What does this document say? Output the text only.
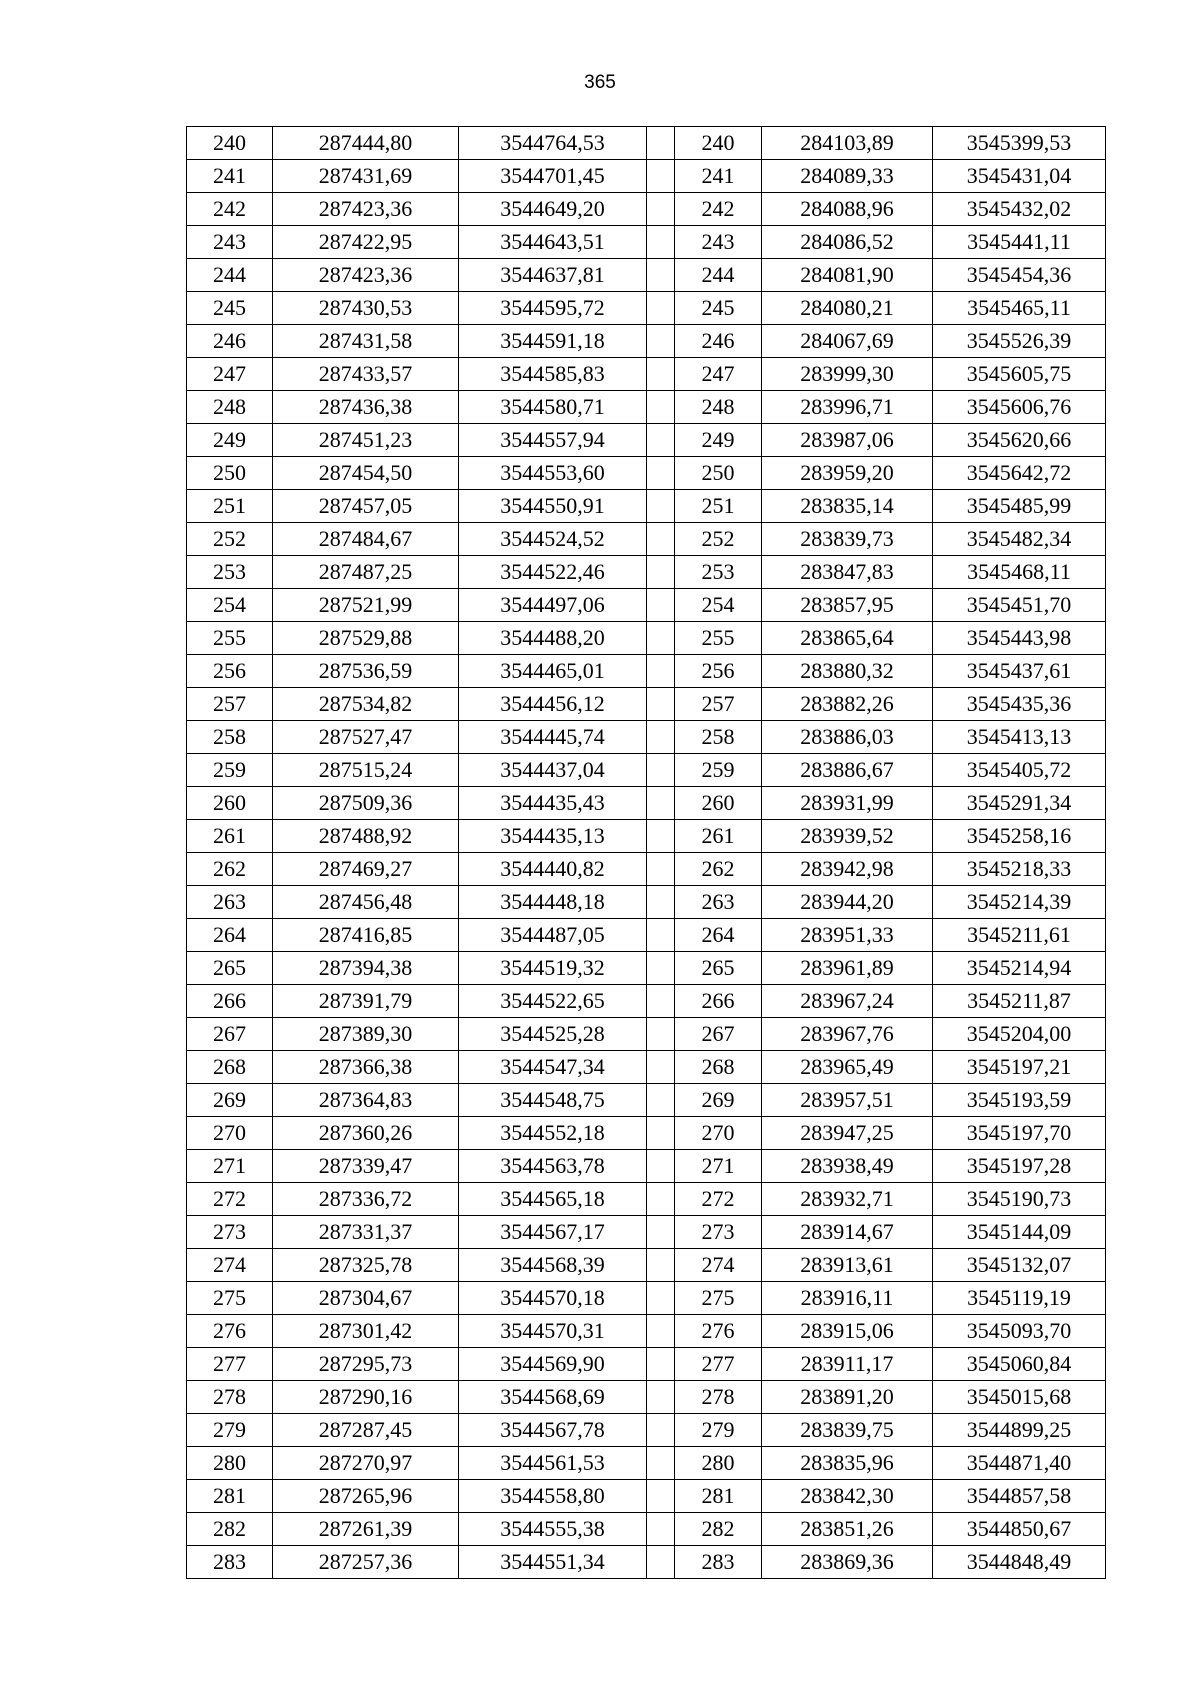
365
240	287444,80	3544764,53		240	284103,89	3545399,53
241	287431,69	3544701,45		241	284089,33	3545431,04
242	287423,36	3544649,20		242	284088,96	3545432,02
243	287422,95	3544643,51		243	284086,52	3545441,11
244	287423,36	3544637,81		244	284081,90	3545454,36
245	287430,53	3544595,72		245	284080,21	3545465,11
246	287431,58	3544591,18		246	284067,69	3545526,39
247	287433,57	3544585,83		247	283999,30	3545605,75
248	287436,38	3544580,71		248	283996,71	3545606,76
249	287451,23	3544557,94		249	283987,06	3545620,66
250	287454,50	3544553,60		250	283959,20	3545642,72
251	287457,05	3544550,91		251	283835,14	3545485,99
252	287484,67	3544524,52		252	283839,73	3545482,34
253	287487,25	3544522,46		253	283847,83	3545468,11
254	287521,99	3544497,06		254	283857,95	3545451,70
255	287529,88	3544488,20		255	283865,64	3545443,98
256	287536,59	3544465,01		256	283880,32	3545437,61
257	287534,82	3544456,12		257	283882,26	3545435,36
258	287527,47	3544445,74		258	283886,03	3545413,13
259	287515,24	3544437,04		259	283886,67	3545405,72
260	287509,36	3544435,43		260	283931,99	3545291,34
261	287488,92	3544435,13		261	283939,52	3545258,16
262	287469,27	3544440,82		262	283942,98	3545218,33
263	287456,48	3544448,18		263	283944,20	3545214,39
264	287416,85	3544487,05		264	283951,33	3545211,61
265	287394,38	3544519,32		265	283961,89	3545214,94
266	287391,79	3544522,65		266	283967,24	3545211,87
267	287389,30	3544525,28		267	283967,76	3545204,00
268	287366,38	3544547,34		268	283965,49	3545197,21
269	287364,83	3544548,75		269	283957,51	3545193,59
270	287360,26	3544552,18		270	283947,25	3545197,70
271	287339,47	3544563,78		271	283938,49	3545197,28
272	287336,72	3544565,18		272	283932,71	3545190,73
273	287331,37	3544567,17		273	283914,67	3545144,09
274	287325,78	3544568,39		274	283913,61	3545132,07
275	287304,67	3544570,18		275	283916,11	3545119,19
276	287301,42	3544570,31		276	283915,06	3545093,70
277	287295,73	3544569,90		277	283911,17	3545060,84
278	287290,16	3544568,69		278	283891,20	3545015,68
279	287287,45	3544567,78		279	283839,75	3544899,25
280	287270,97	3544561,53		280	283835,96	3544871,40
281	287265,96	3544558,80		281	283842,30	3544857,58
282	287261,39	3544555,38		282	283851,26	3544850,67
283	287257,36	3544551,34		283	283869,36	3544848,49
